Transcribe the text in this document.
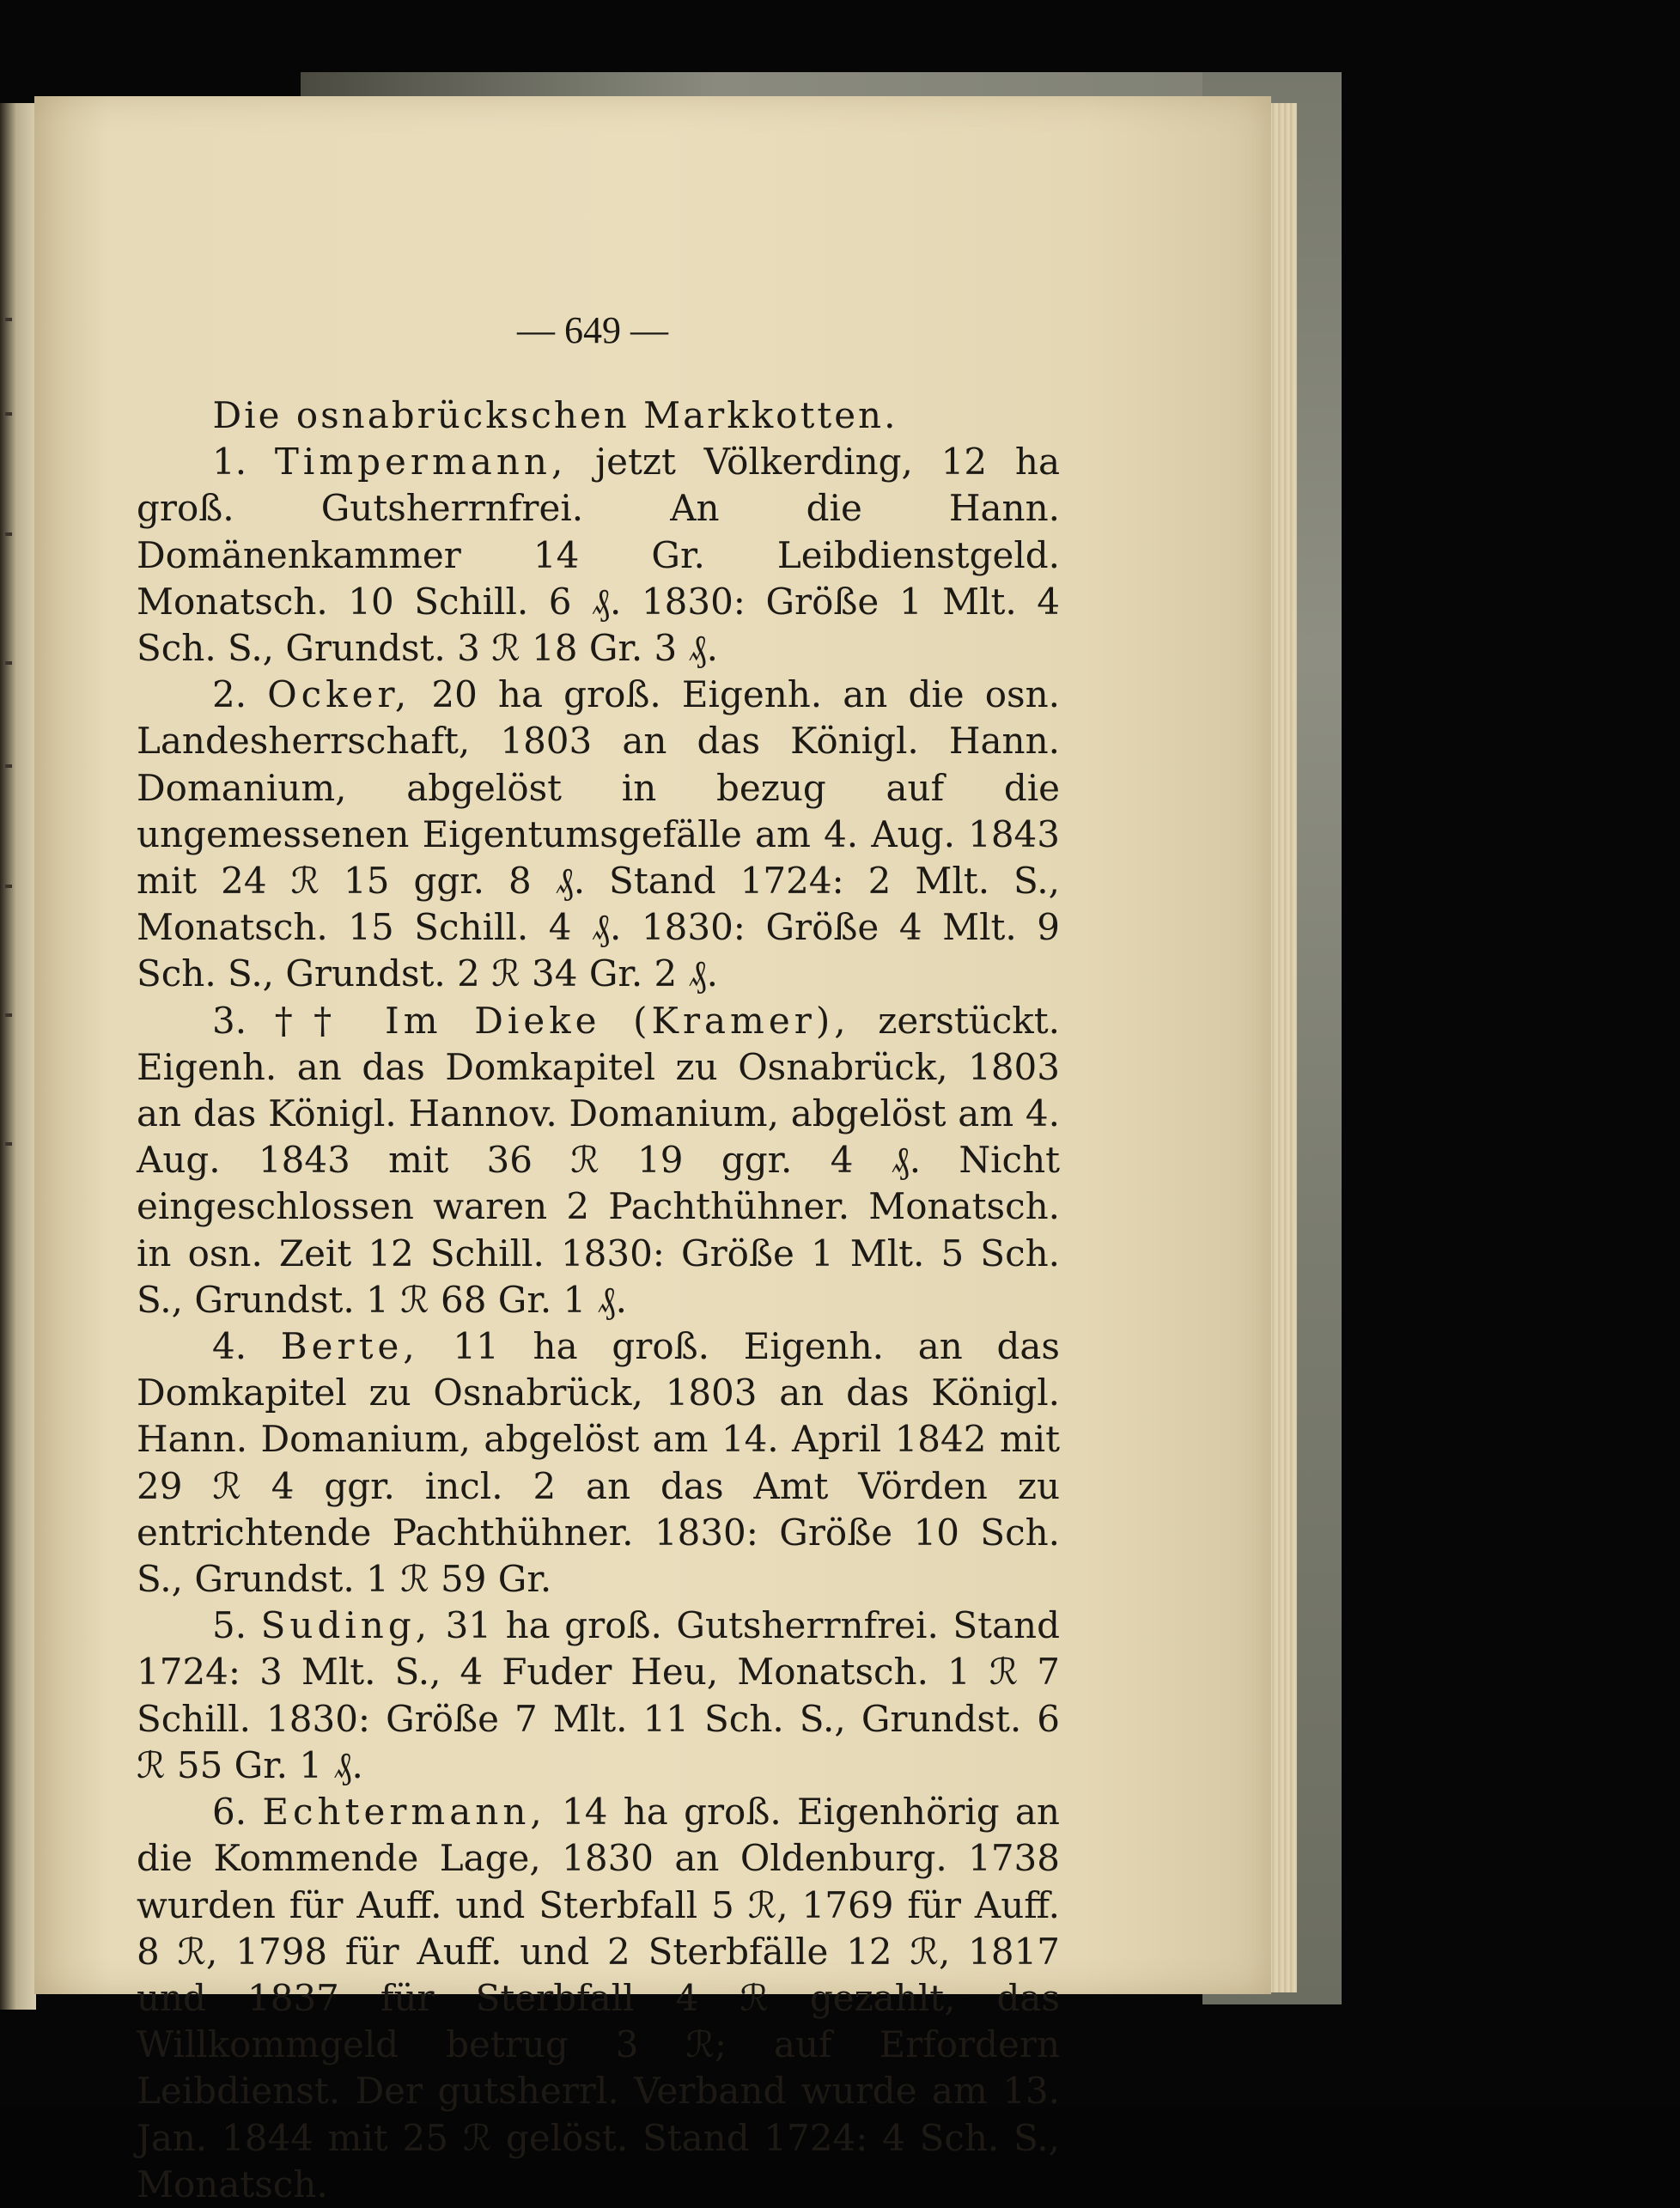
— 649 —

Die osnabrückschen Markkotten.

1. Timpermann, jetzt Völkerding, 12 ha groß. Gutsherrnfrei. An die Hann. Domänenkammer 14 Gr. Leibdienstgeld. Monatsch. 10 Schill. 6 ₰. 1830: Größe 1 Mlt. 4 Sch. S., Grundst. 3 ℛ 18 Gr. 3 ₰.

2. Ocker, 20 ha groß. Eigenh. an die osn. Landesherrschaft, 1803 an das Königl. Hann. Domanium, abgelöst in bezug auf die ungemessenen Eigentumsgefälle am 4. Aug. 1843 mit 24 ℛ 15 ggr. 8 ₰. Stand 1724: 2 Mlt. S., Monatsch. 15 Schill. 4 ₰. 1830: Größe 4 Mlt. 9 Sch. S., Grundst. 2 ℛ 34 Gr. 2 ₰.

3. †† Im Dieke (Kramer), zerstückt. Eigenh. an das Domkapitel zu Osnabrück, 1803 an das Königl. Hannov. Domanium, abgelöst am 4. Aug. 1843 mit 36 ℛ 19 ggr. 4 ₰. Nicht eingeschlossen waren 2 Pachthühner. Monatsch. in osn. Zeit 12 Schill. 1830: Größe 1 Mlt. 5 Sch. S., Grundst. 1 ℛ 68 Gr. 1 ₰.

4. Berte, 11 ha groß. Eigenh. an das Domkapitel zu Osnabrück, 1803 an das Königl. Hann. Domanium, abgelöst am 14. April 1842 mit 29 ℛ 4 ggr. incl. 2 an das Amt Vörden zu entrichtende Pachthühner. 1830: Größe 10 Sch. S., Grundst. 1 ℛ 59 Gr.

5. Suding, 31 ha groß. Gutsherrnfrei. Stand 1724: 3 Mlt. S., 4 Fuder Heu, Monatsch. 1 ℛ 7 Schill. 1830: Größe 7 Mlt. 11 Sch. S., Grundst. 6 ℛ 55 Gr. 1 ₰.

6. Echtermann, 14 ha groß. Eigenhörig an die Kommende Lage, 1830 an Oldenburg. 1738 wurden für Auff. und Sterbfall 5 ℛ, 1769 für Auff. 8 ℛ, 1798 für Auff. und 2 Sterbfälle 12 ℛ, 1817 und 1837 für Sterbfall 4 ℛ gezahlt, das Willkommgeld betrug 3 ℛ; auf Erfordern Leibdienst. Der gutsherrl. Verband wurde am 13. Jan. 1844 mit 25 ℛ gelöst. Stand 1724: 4 Sch. S., Monatsch.
